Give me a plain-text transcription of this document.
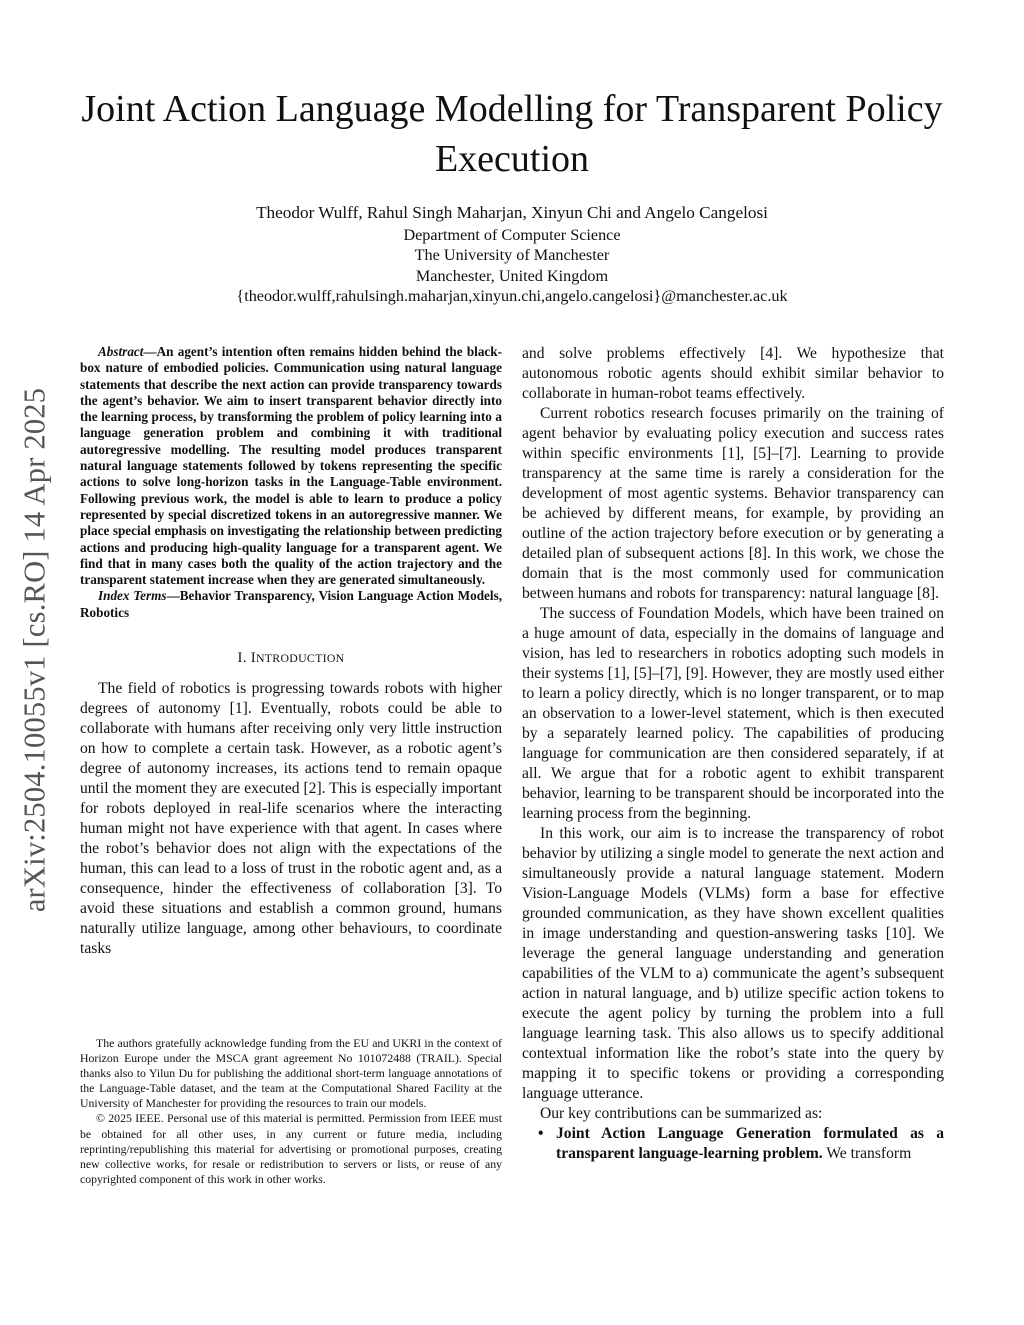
arXiv:2504.10055v1 [cs.RO] 14 Apr 2025
Joint Action Language Modelling for Transparent Policy Execution
Theodor Wulff, Rahul Singh Maharjan, Xinyun Chi and Angelo Cangelosi
Department of Computer Science
The University of Manchester
Manchester, United Kingdom
{theodor.wulff,rahulsingh.maharjan,xinyun.chi,angelo.cangelosi}@manchester.ac.uk

Abstract—An agent’s intention often remains hidden behind the black-box nature of embodied policies. Communication using natural language statements that describe the next action can provide transparency towards the agent’s behavior. We aim to insert transparent behavior directly into the learning process, by transforming the problem of policy learning into a language generation problem and combining it with traditional autoregressive modelling. The resulting model produces transparent natural language statements followed by tokens representing the specific actions to solve long-horizon tasks in the Language-Table environment. Following previous work, the model is able to learn to produce a policy represented by special discretized tokens in an autoregressive manner. We place special emphasis on investigating the relationship between predicting actions and producing high-quality language for a transparent agent. We find that in many cases both the quality of the action trajectory and the transparent statement increase when they are generated simultaneously.

Index Terms—Behavior Transparency, Vision Language Action Models, Robotics

I. INTRODUCTION

The field of robotics is progressing towards robots with higher degrees of autonomy [1]. Eventually, robots could be able to collaborate with humans after receiving only very little instruction on how to complete a certain task. However, as a robotic agent’s degree of autonomy increases, its actions tend to remain opaque until the moment they are executed [2]. This is especially important for robots deployed in real-life scenarios where the interacting human might not have experience with that agent. In cases where the robot’s behavior does not align with the expectations of the human, this can lead to a loss of trust in the robotic agent and, as a consequence, hinder the effectiveness of collaboration [3]. To avoid these situations and establish a common ground, humans naturally utilize language, among other behaviours, to coordinate tasks

The authors gratefully acknowledge funding from the EU and UKRI in the context of Horizon Europe under the MSCA grant agreement No 101072488 (TRAIL). Special thanks also to Yilun Du for publishing the additional short-term language annotations of the Language-Table dataset, and the team at the Computational Shared Facility at the University of Manchester for providing the resources to train our models.

© 2025 IEEE. Personal use of this material is permitted. Permission from IEEE must be obtained for all other uses, in any current or future media, including reprinting/republishing this material for advertising or promotional purposes, creating new collective works, for resale or redistribution to servers or lists, or reuse of any copyrighted component of this work in other works.

and solve problems effectively [4]. We hypothesize that autonomous robotic agents should exhibit similar behavior to collaborate in human-robot teams effectively.

Current robotics research focuses primarily on the training of agent behavior by evaluating policy execution and success rates within specific environments [1], [5]–[7]. Learning to provide transparency at the same time is rarely a consideration for the development of most agentic systems. Behavior transparency can be achieved by different means, for example, by providing an outline of the action trajectory before execution or by generating a detailed plan of subsequent actions [8]. In this work, we chose the domain that is the most commonly used for communication between humans and robots for transparency: natural language [8].

The success of Foundation Models, which have been trained on a huge amount of data, especially in the domains of language and vision, has led to researchers in robotics adopting such models in their systems [1], [5]–[7], [9]. However, they are mostly used either to learn a policy directly, which is no longer transparent, or to map an observation to a lower-level statement, which is then executed by a separately learned policy. The capabilities of producing language for communication are then considered separately, if at all. We argue that for a robotic agent to exhibit transparent behavior, learning to be transparent should be incorporated into the learning process from the beginning.

In this work, our aim is to increase the transparency of robot behavior by utilizing a single model to generate the next action and simultaneously provide a natural language statement. Modern Vision-Language Models (VLMs) form a base for effective grounded communication, as they have shown excellent qualities in image understanding and question-answering tasks [10]. We leverage the general language understanding and generation capabilities of the VLM to a) communicate the agent’s subsequent action in natural language, and b) utilize specific action tokens to execute the agent policy by turning the problem into a full language learning task. This also allows us to specify additional contextual information like the robot’s state into the query by mapping it to specific tokens or providing a corresponding language utterance.

Our key contributions can be summarized as:

• Joint Action Language Generation formulated as a transparent language-learning problem. We transform
